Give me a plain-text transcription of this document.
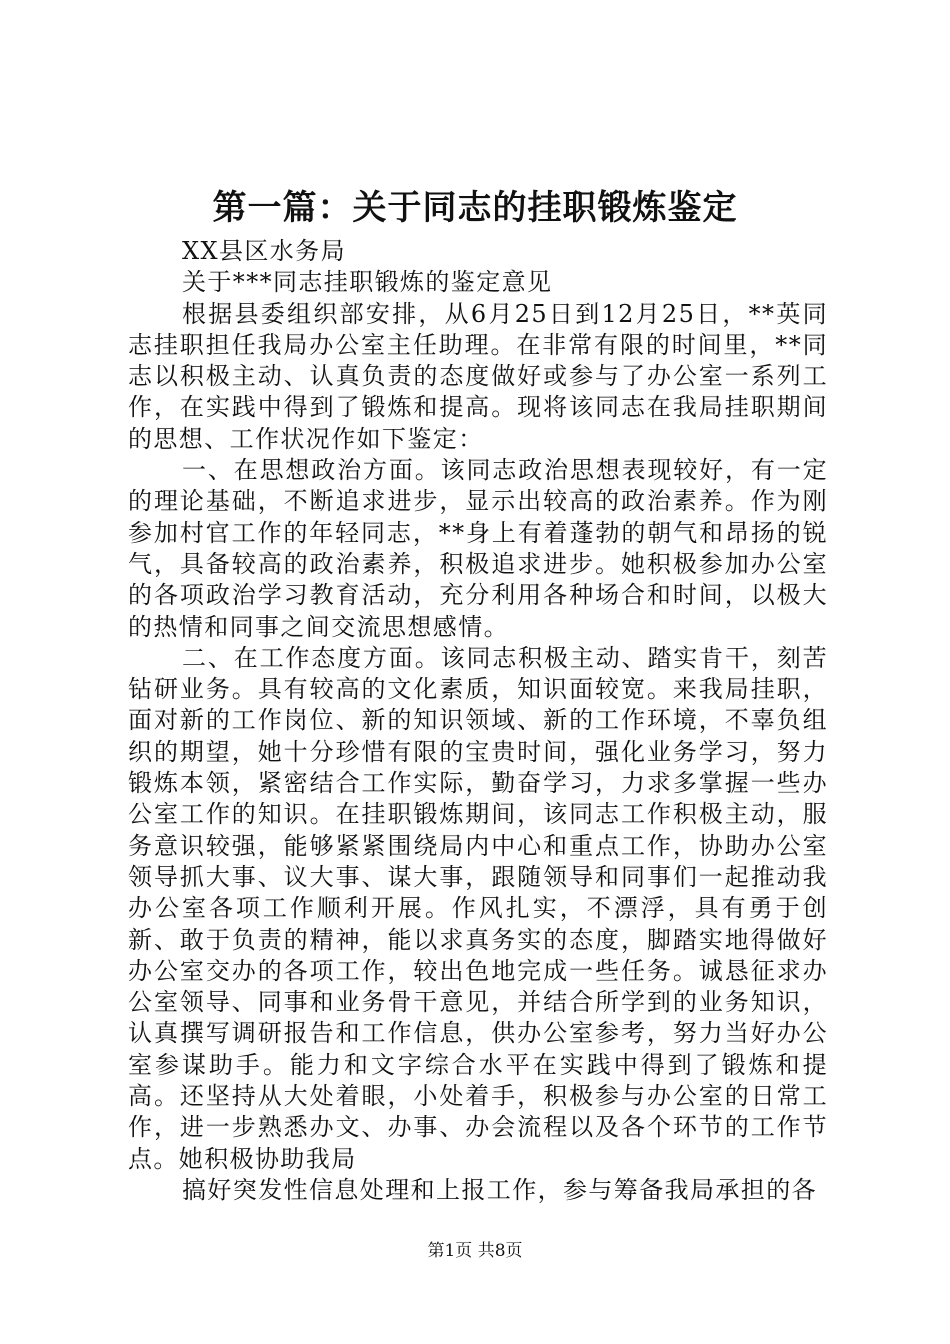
第一篇：关于同志的挂职锻炼鉴定

XX县区水务局

关于***同志挂职锻炼的鉴定意见

根据县委组织部安排，从6月25日到12月25日，**英同志挂职担任我局办公室主任助理。在非常有限的时间里，**同志以积极主动、认真负责的态度做好或参与了办公室一系列工作，在实践中得到了锻炼和提高。现将该同志在我局挂职期间的思想、工作状况作如下鉴定：

一、在思想政治方面。该同志政治思想表现较好，有一定的理论基础，不断追求进步，显示出较高的政治素养。作为刚参加村官工作的年轻同志，**身上有着蓬勃的朝气和昂扬的锐气，具备较高的政治素养，积极追求进步。她积极参加办公室的各项政治学习教育活动，充分利用各种场合和时间，以极大的热情和同事之间交流思想感情。

二、在工作态度方面。该同志积极主动、踏实肯干，刻苦钻研业务。具有较高的文化素质，知识面较宽。来我局挂职，面对新的工作岗位、新的知识领域、新的工作环境，不辜负组织的期望，她十分珍惜有限的宝贵时间，强化业务学习，努力锻炼本领，紧密结合工作实际，勤奋学习，力求多掌握一些办公室工作的知识。在挂职锻炼期间，该同志工作积极主动，服务意识较强，能够紧紧围绕局内中心和重点工作，协助办公室领导抓大事、议大事、谋大事，跟随领导和同事们一起推动我办公室各项工作顺利开展。作风扎实，不漂浮，具有勇于创新、敢于负责的精神，能以求真务实的态度，脚踏实地得做好办公室交办的各项工作，较出色地完成一些任务。诚恳征求办公室领导、同事和业务骨干意见，并结合所学到的业务知识，认真撰写调研报告和工作信息，供办公室参考，努力当好办公室参谋助手。能力和文字综合水平在实践中得到了锻炼和提高。还坚持从大处着眼，小处着手，积极参与办公室的日常工作，进一步熟悉办文、办事、办会流程以及各个环节的工作节点。她积极协助我局

搞好突发性信息处理和上报工作，参与筹备我局承担的各

第1页 共8页
